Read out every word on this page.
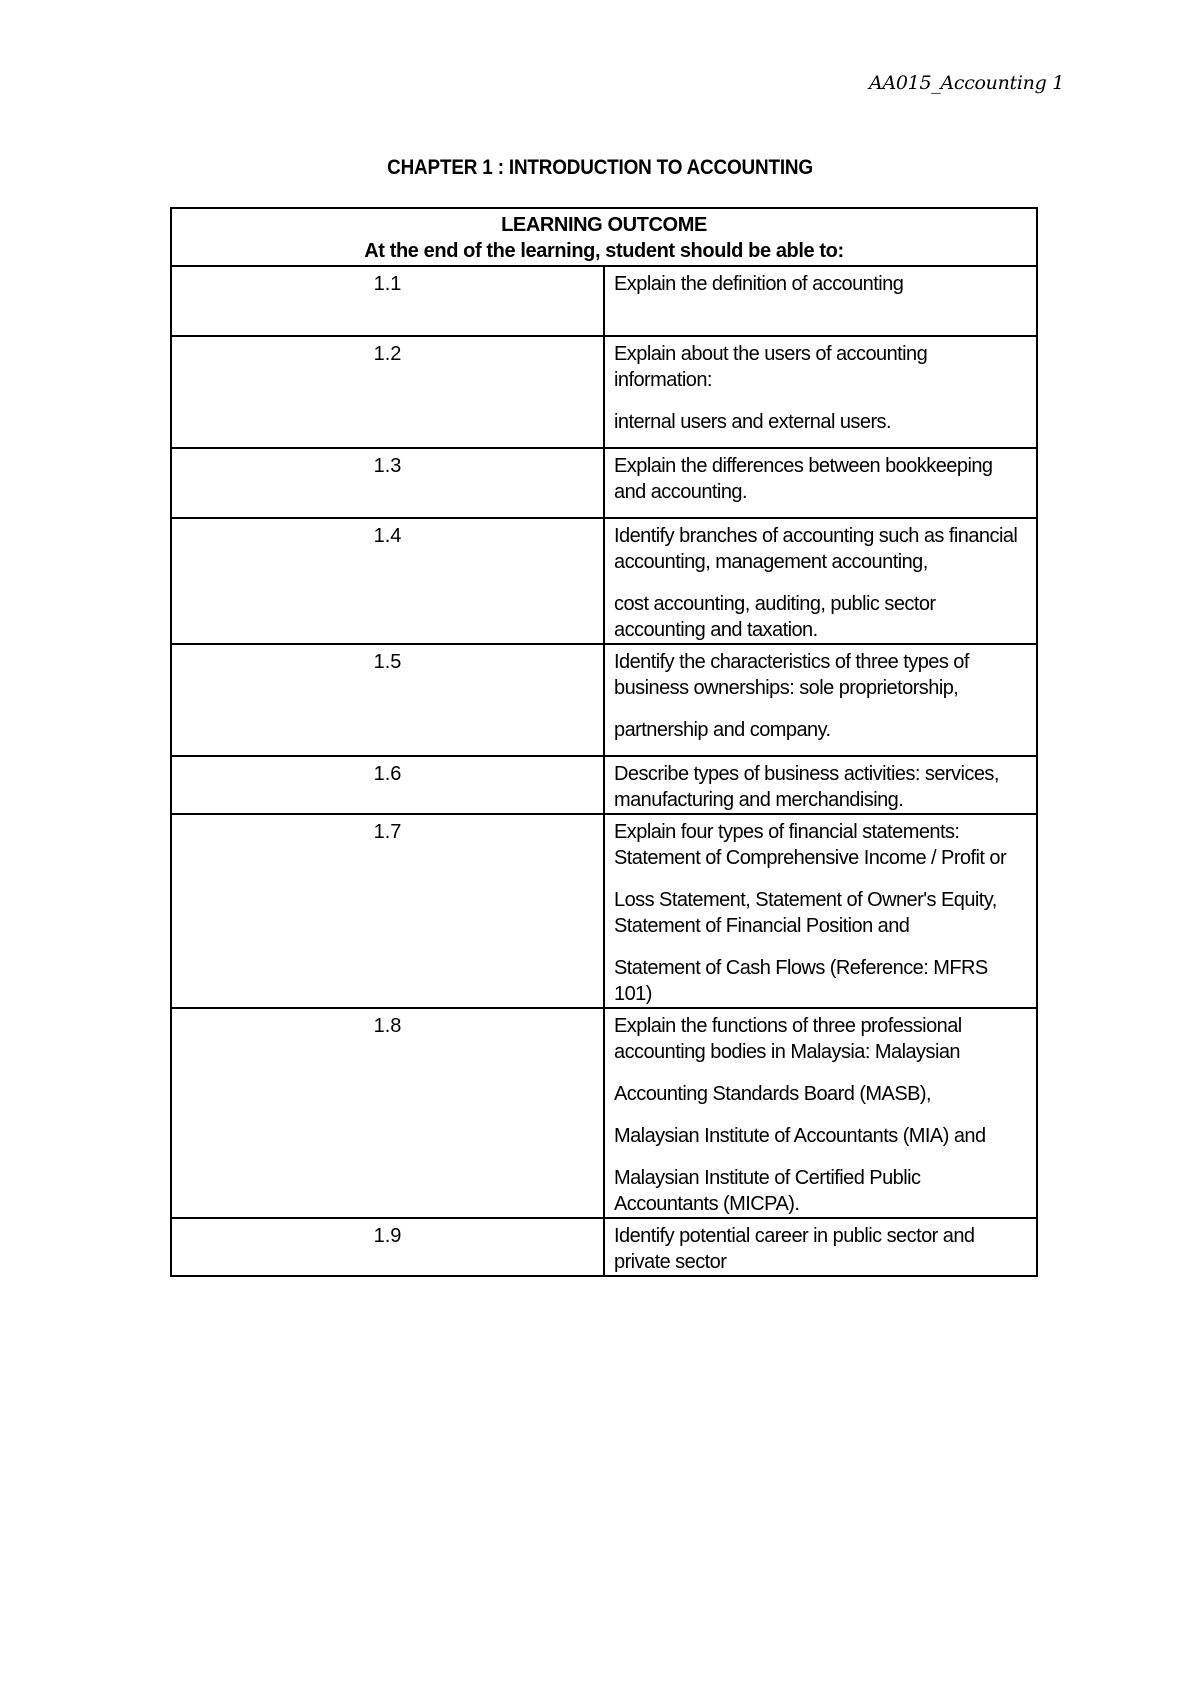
AA015_Accounting 1
CHAPTER 1 : INTRODUCTION TO ACCOUNTING
LEARNING OUTCOME
At the end of the learning, student should be able to:	

1.1	Explain the definition of accounting

1.2	Explain about the users of accounting information:
internal users and external users.

1.3	Explain the differences between bookkeeping and accounting.

1.4	Identify branches of accounting such as financial accounting, management accounting,
cost accounting, auditing, public sector accounting and taxation.

1.5	Identify the characteristics of three types of business ownerships: sole proprietorship,
partnership and company.

1.6	Describe types of business activities: services, manufacturing and merchandising.

1.7	Explain four types of financial statements: Statement of Comprehensive Income / Profit or
Loss Statement, Statement of Owner's Equity, Statement of Financial Position and
Statement of Cash Flows (Reference: MFRS 101)

1.8	Explain the functions of three professional accounting bodies in Malaysia: Malaysian
Accounting Standards Board (MASB),
Malaysian Institute of Accountants (MIA) and
Malaysian Institute of Certified Public Accountants (MICPA).

1.9	Identify potential career in public sector and private sector
